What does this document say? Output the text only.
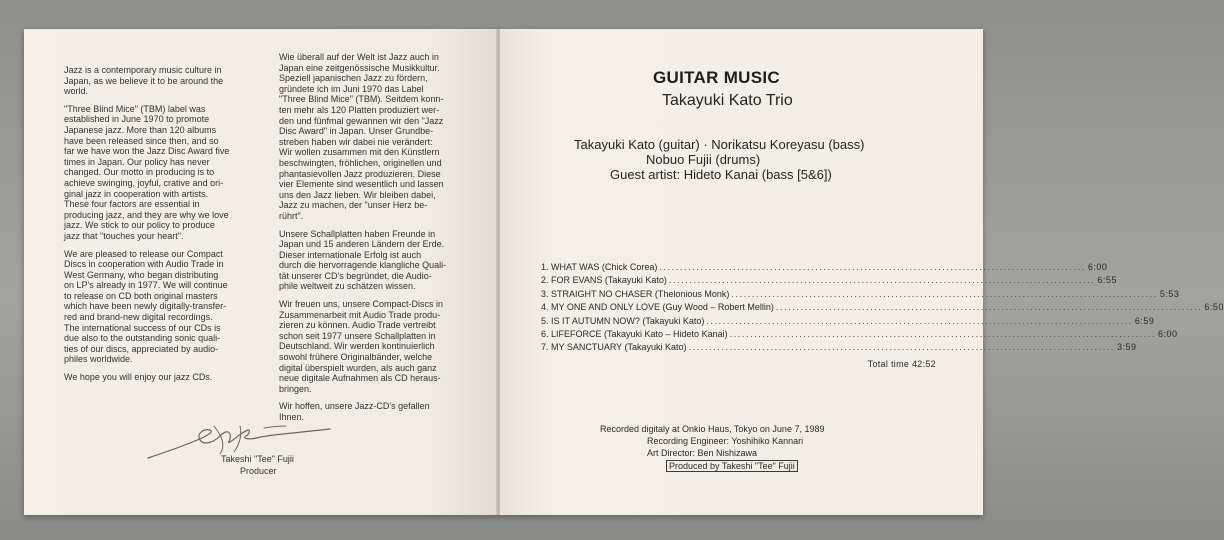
Jazz is a contemporary music culture in
Japan, as we believe it to be around the
world.

"Three Blind Mice" (TBM) label was
established in June 1970 to promote
Japanese jazz. More than 120 albums
have been released since then, and so
far we have won the Jazz Disc Award five
times in Japan. Our policy has never
changed. Our motto in producing is to
achieve swinging, joyful, crative and ori-
ginal jazz in cooperation with artists.
These four factors are essential in
producing jazz, and they are why we love
jazz. We stick to our policy to produce
jazz that "touches your heart".

We are pleased to release our Compact
Discs in cooperation with Audio Trade in
West Germany, who began distributing
on LP's already in 1977. We will continue
to release on CD both original masters
which have been newly digitally-transfer-
red and brand-new digital recordings.
The international success of our CDs is
due also to the outstanding sonic quali-
ties of our discs, appreciated by audio-
philes worldwide.

We hope you will enjoy our jazz CDs.

Wie überall auf der Welt ist Jazz auch in
Japan eine zeitgenössische Musikkultur.
Speziell japanischen Jazz zu fördern,
gründete ich im Juni 1970 das Label
"Three Blind Mice" (TBM). Seitdem konn-
ten mehr als 120 Platten produziert wer-
den und fünfmal gewannen wir den "Jazz
Disc Award" in Japan. Unser Grundbe-
streben haben wir dabei nie verändert:
Wir wollen zusammen mit den Künstlern
beschwingten, fröhlichen, originellen und
phantasievollen Jazz produzieren. Diese
vier Elemente sind wesentlich und lassen
uns den Jazz lieben. Wir bleiben dabei,
Jazz zu machen, der "unser Herz be-
rührt".

Unsere Schallplatten haben Freunde in
Japan und 15 anderen Ländern der Erde.
Dieser internationale Erfolg ist auch
durch die hervorragende klangliche Quali-
tät unserer CD's begründet, die Audio-
phile weltweit zu schätzen wissen.

Wir freuen uns, unsere Compact-Discs in
Zusammenarbeit mit Audio Trade produ-
zieren zu können. Audio Trade vertreibt
schon seit 1977 unsere Schallplatten in
Deutschland. Wir werden kontinuierlich
sowohl frühere Originalbänder, welche
digital überspielt wurden, als auch ganz
neue digitale Aufnahmen als CD heraus-
bringen.

Wir hoffen, unsere Jazz-CD's gefallen
Ihnen.

Takeshi "Tee" Fujii
Producer
GUITAR MUSIC
Takayuki Kato Trio
Takayuki Kato (guitar) · Norikatsu Koreyasu (bass)
Nobuo Fujii (drums)
Guest artist: Hideto Kanai (bass [5&6])
1. WHAT WAS (Chick Corea) ........................................................................................................ 6:00
2. FOR EVANS (Takayuki Kato) ........................................................................................................ 6:55
3. STRAIGHT NO CHASER (Thelonious Monk) ........................................................................................................ 5:53
4. MY ONE AND ONLY LOVE (Guy Wood – Robert Mellin) ........................................................................................................ 6:50
5. IS IT AUTUMN NOW? (Takayuki Kato) ........................................................................................................ 6:59
6. LIFEFORCE (Takayuki Kato – Hideto Kanai) ........................................................................................................ 6:00
7. MY SANCTUARY (Takayuki Kato) ........................................................................................................ 3:59
Total time 42:52
Recorded digitaly at Onkio Haus, Tokyo on June 7, 1989
Recording Engineer: Yoshihiko Kannari
Art Director: Ben Nishizawa
Produced by Takeshi "Tee" Fujii
